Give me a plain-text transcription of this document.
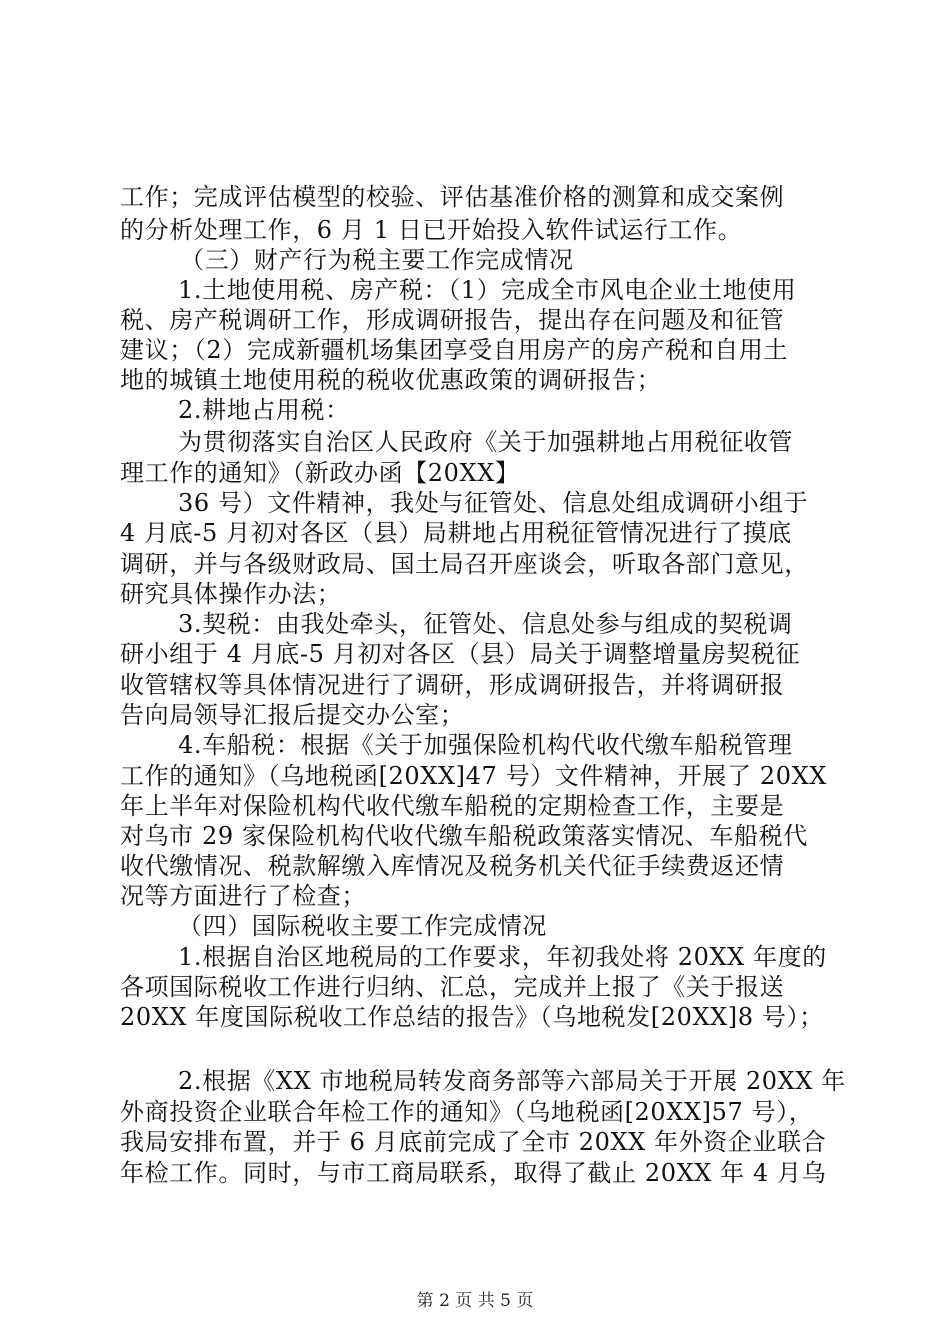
工作；完成评估模型的校验、评估基准价格的测算和成交案例
的分析处理工作，6 月 1 日已开始投入软件试运行工作。
（三）财产行为税主要工作完成情况
1.土地使用税、房产税：（1）完成全市风电企业土地使用
税、房产税调研工作，形成调研报告，提出存在问题及和征管
建议；（2）完成新疆机场集团享受自用房产的房产税和自用土
地的城镇土地使用税的税收优惠政策的调研报告；
2.耕地占用税：
为贯彻落实自治区人民政府《关于加强耕地占用税征收管
理工作的通知》（新政办函【20XX】
36 号）文件精神，我处与征管处、信息处组成调研小组于
4 月底-5 月初对各区（县）局耕地占用税征管情况进行了摸底
调研，并与各级财政局、国土局召开座谈会，听取各部门意见，
研究具体操作办法；
3.契税：由我处牵头，征管处、信息处参与组成的契税调
研小组于 4 月底-5 月初对各区（县）局关于调整增量房契税征
收管辖权等具体情况进行了调研，形成调研报告，并将调研报
告向局领导汇报后提交办公室；
4.车船税：根据《关于加强保险机构代收代缴车船税管理
工作的通知》（乌地税函[20XX]47 号）文件精神，开展了 20XX
年上半年对保险机构代收代缴车船税的定期检查工作，主要是
对乌市 29 家保险机构代收代缴车船税政策落实情况、车船税代
收代缴情况、税款解缴入库情况及税务机关代征手续费返还情
况等方面进行了检查；
（四）国际税收主要工作完成情况
1.根据自治区地税局的工作要求，年初我处将 20XX 年度的
各项国际税收工作进行归纳、汇总，完成并上报了《关于报送
20XX 年度国际税收工作总结的报告》（乌地税发[20XX]8 号）；
2.根据《XX 市地税局转发商务部等六部局关于开展 20XX 年
外商投资企业联合年检工作的通知》（乌地税函[20XX]57 号），
我局安排布置，并于 6 月底前完成了全市 20XX 年外资企业联合
年检工作。同时，与市工商局联系，取得了截止 20XX 年 4 月乌
第 2 页 共 5 页
